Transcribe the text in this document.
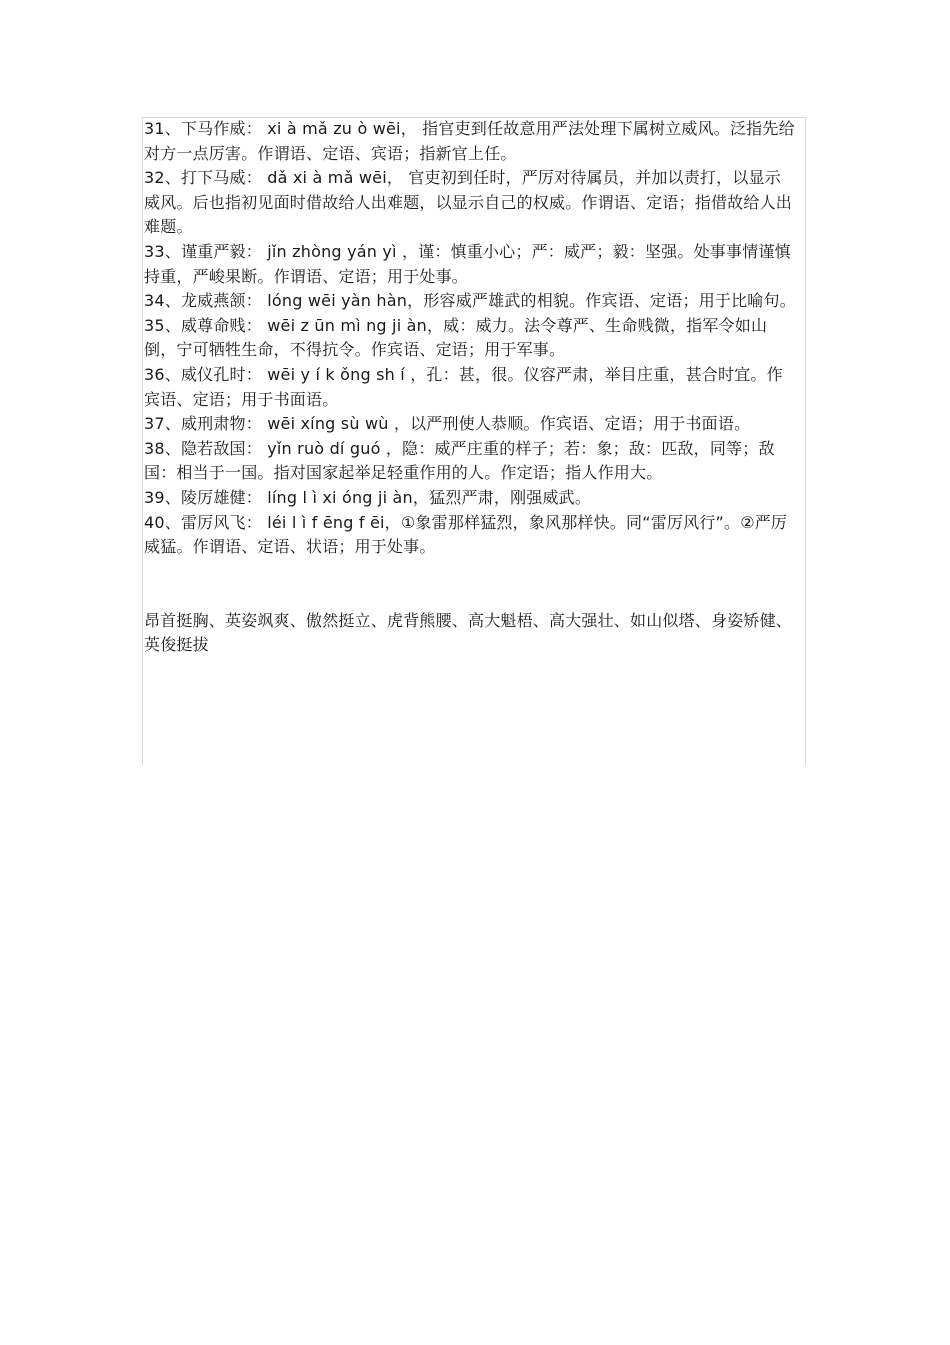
31、下马作威： xi à mǎ zu ò wēi， 指官吏到任故意用严法处理下属树立威风。泛指先给对方一点厉害。作谓语、定语、宾语；指新官上任。

32、打下马威： dǎ xi à mǎ wēi， 官吏初到任时，严厉对待属员，并加以责打，以显示威风。后也指初见面时借故给人出难题，以显示自己的权威。作谓语、定语；指借故给人出难题。

33、谨重严毅： jǐn zhòng yán yì ，谨：慎重小心；严：威严；毅：坚强。处事事情谨慎持重，严峻果断。作谓语、定语；用于处事。

34、龙威燕颔： lóng wēi yàn hàn，形容威严雄武的相貌。作宾语、定语；用于比喻句。

35、威尊命贱： wēi z ūn mì ng ji àn，威：威力。法令尊严、生命贱微，指军令如山倒，宁可牺牲生命，不得抗令。作宾语、定语；用于军事。

36、威仪孔时： wēi y í k ǒng sh í ，孔：甚，很。仪容严肃，举目庄重，甚合时宜。作宾语、定语；用于书面语。

37、威刑肃物： wēi xíng sù wù ，以严刑使人恭顺。作宾语、定语；用于书面语。

38、隐若敌国： yǐn ruò dí guó ，隐：威严庄重的样子；若：象；敌：匹敌，同等；敌国：相当于一国。指对国家起举足轻重作用的人。作定语；指人作用大。

39、陵厉雄健： líng l ì xi óng ji àn，猛烈严肃，刚强威武。

40、雷厉风飞： léi l ì f ēng f ēi，①象雷那样猛烈，象风那样快。同“雷厉风行”。②严厉威猛。作谓语、定语、状语；用于处事。

昂首挺胸、英姿飒爽、傲然挺立、虎背熊腰、高大魁梧、高大强壮、如山似塔、身姿矫健、英俊挺拔
